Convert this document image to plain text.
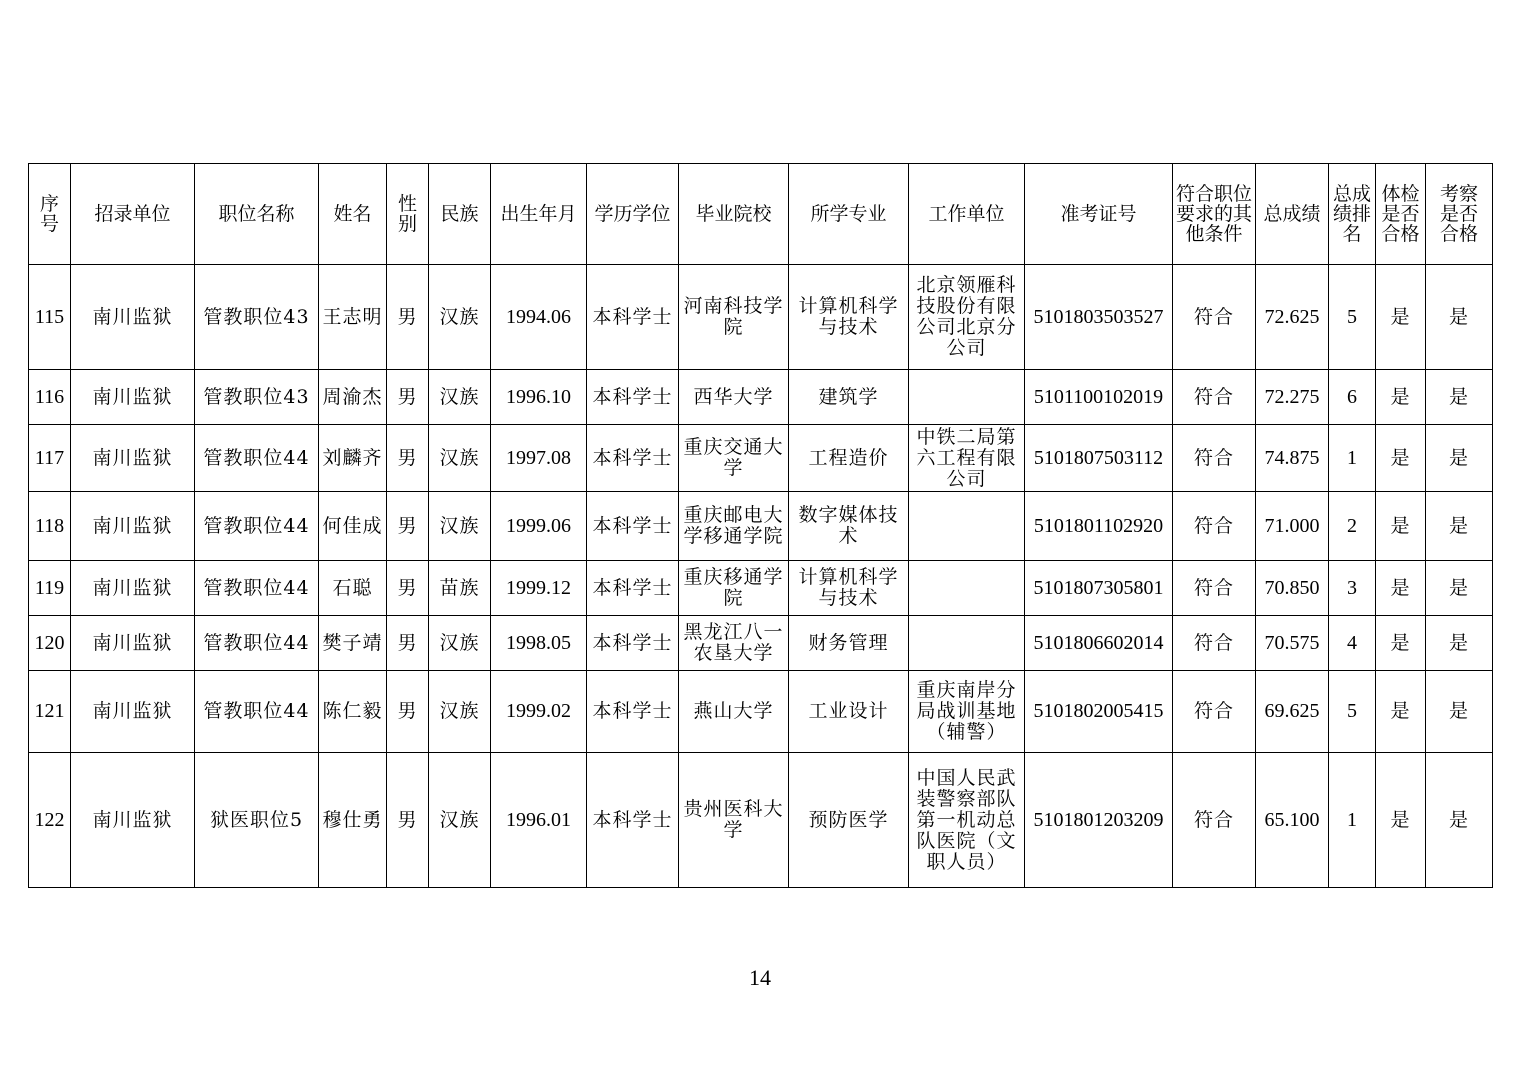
序号	招录单位	职位名称	姓名	性别	民族	出生年月	学历学位	毕业院校	所学专业	工作单位	准考证号	符合职位要求的其他条件	总成绩	总成绩排名	体检是否合格	考察是否合格

115	南川监狱	管教职位43	王志明	男	汉族	1994.06	本科学士	河南科技学院	计算机科学与技术	北京领雁科技股份有限公司北京分公司	5101803503527	符合	72.625	5	是	是

116	南川监狱	管教职位43	周渝杰	男	汉族	1996.10	本科学士	西华大学	建筑学		5101100102019	符合	72.275	6	是	是

117	南川监狱	管教职位44	刘麟齐	男	汉族	1997.08	本科学士	重庆交通大学	工程造价	中铁二局第六工程有限公司	5101807503112	符合	74.875	1	是	是

118	南川监狱	管教职位44	何佳成	男	汉族	1999.06	本科学士	重庆邮电大学移通学院	数字媒体技术		5101801102920	符合	71.000	2	是	是

119	南川监狱	管教职位44	石聪	男	苗族	1999.12	本科学士	重庆移通学院	计算机科学与技术		5101807305801	符合	70.850	3	是	是

120	南川监狱	管教职位44	樊子靖	男	汉族	1998.05	本科学士	黑龙江八一农垦大学	财务管理		5101806602014	符合	70.575	4	是	是

121	南川监狱	管教职位44	陈仁毅	男	汉族	1999.02	本科学士	燕山大学	工业设计	重庆南岸分局战训基地（辅警）	5101802005415	符合	69.625	5	是	是

122	南川监狱	狱医职位5	穆仕勇	男	汉族	1996.01	本科学士	贵州医科大学	预防医学	中国人民武装警察部队第一机动总队医院（文职人员）	5101801203209	符合	65.100	1	是	是
14
